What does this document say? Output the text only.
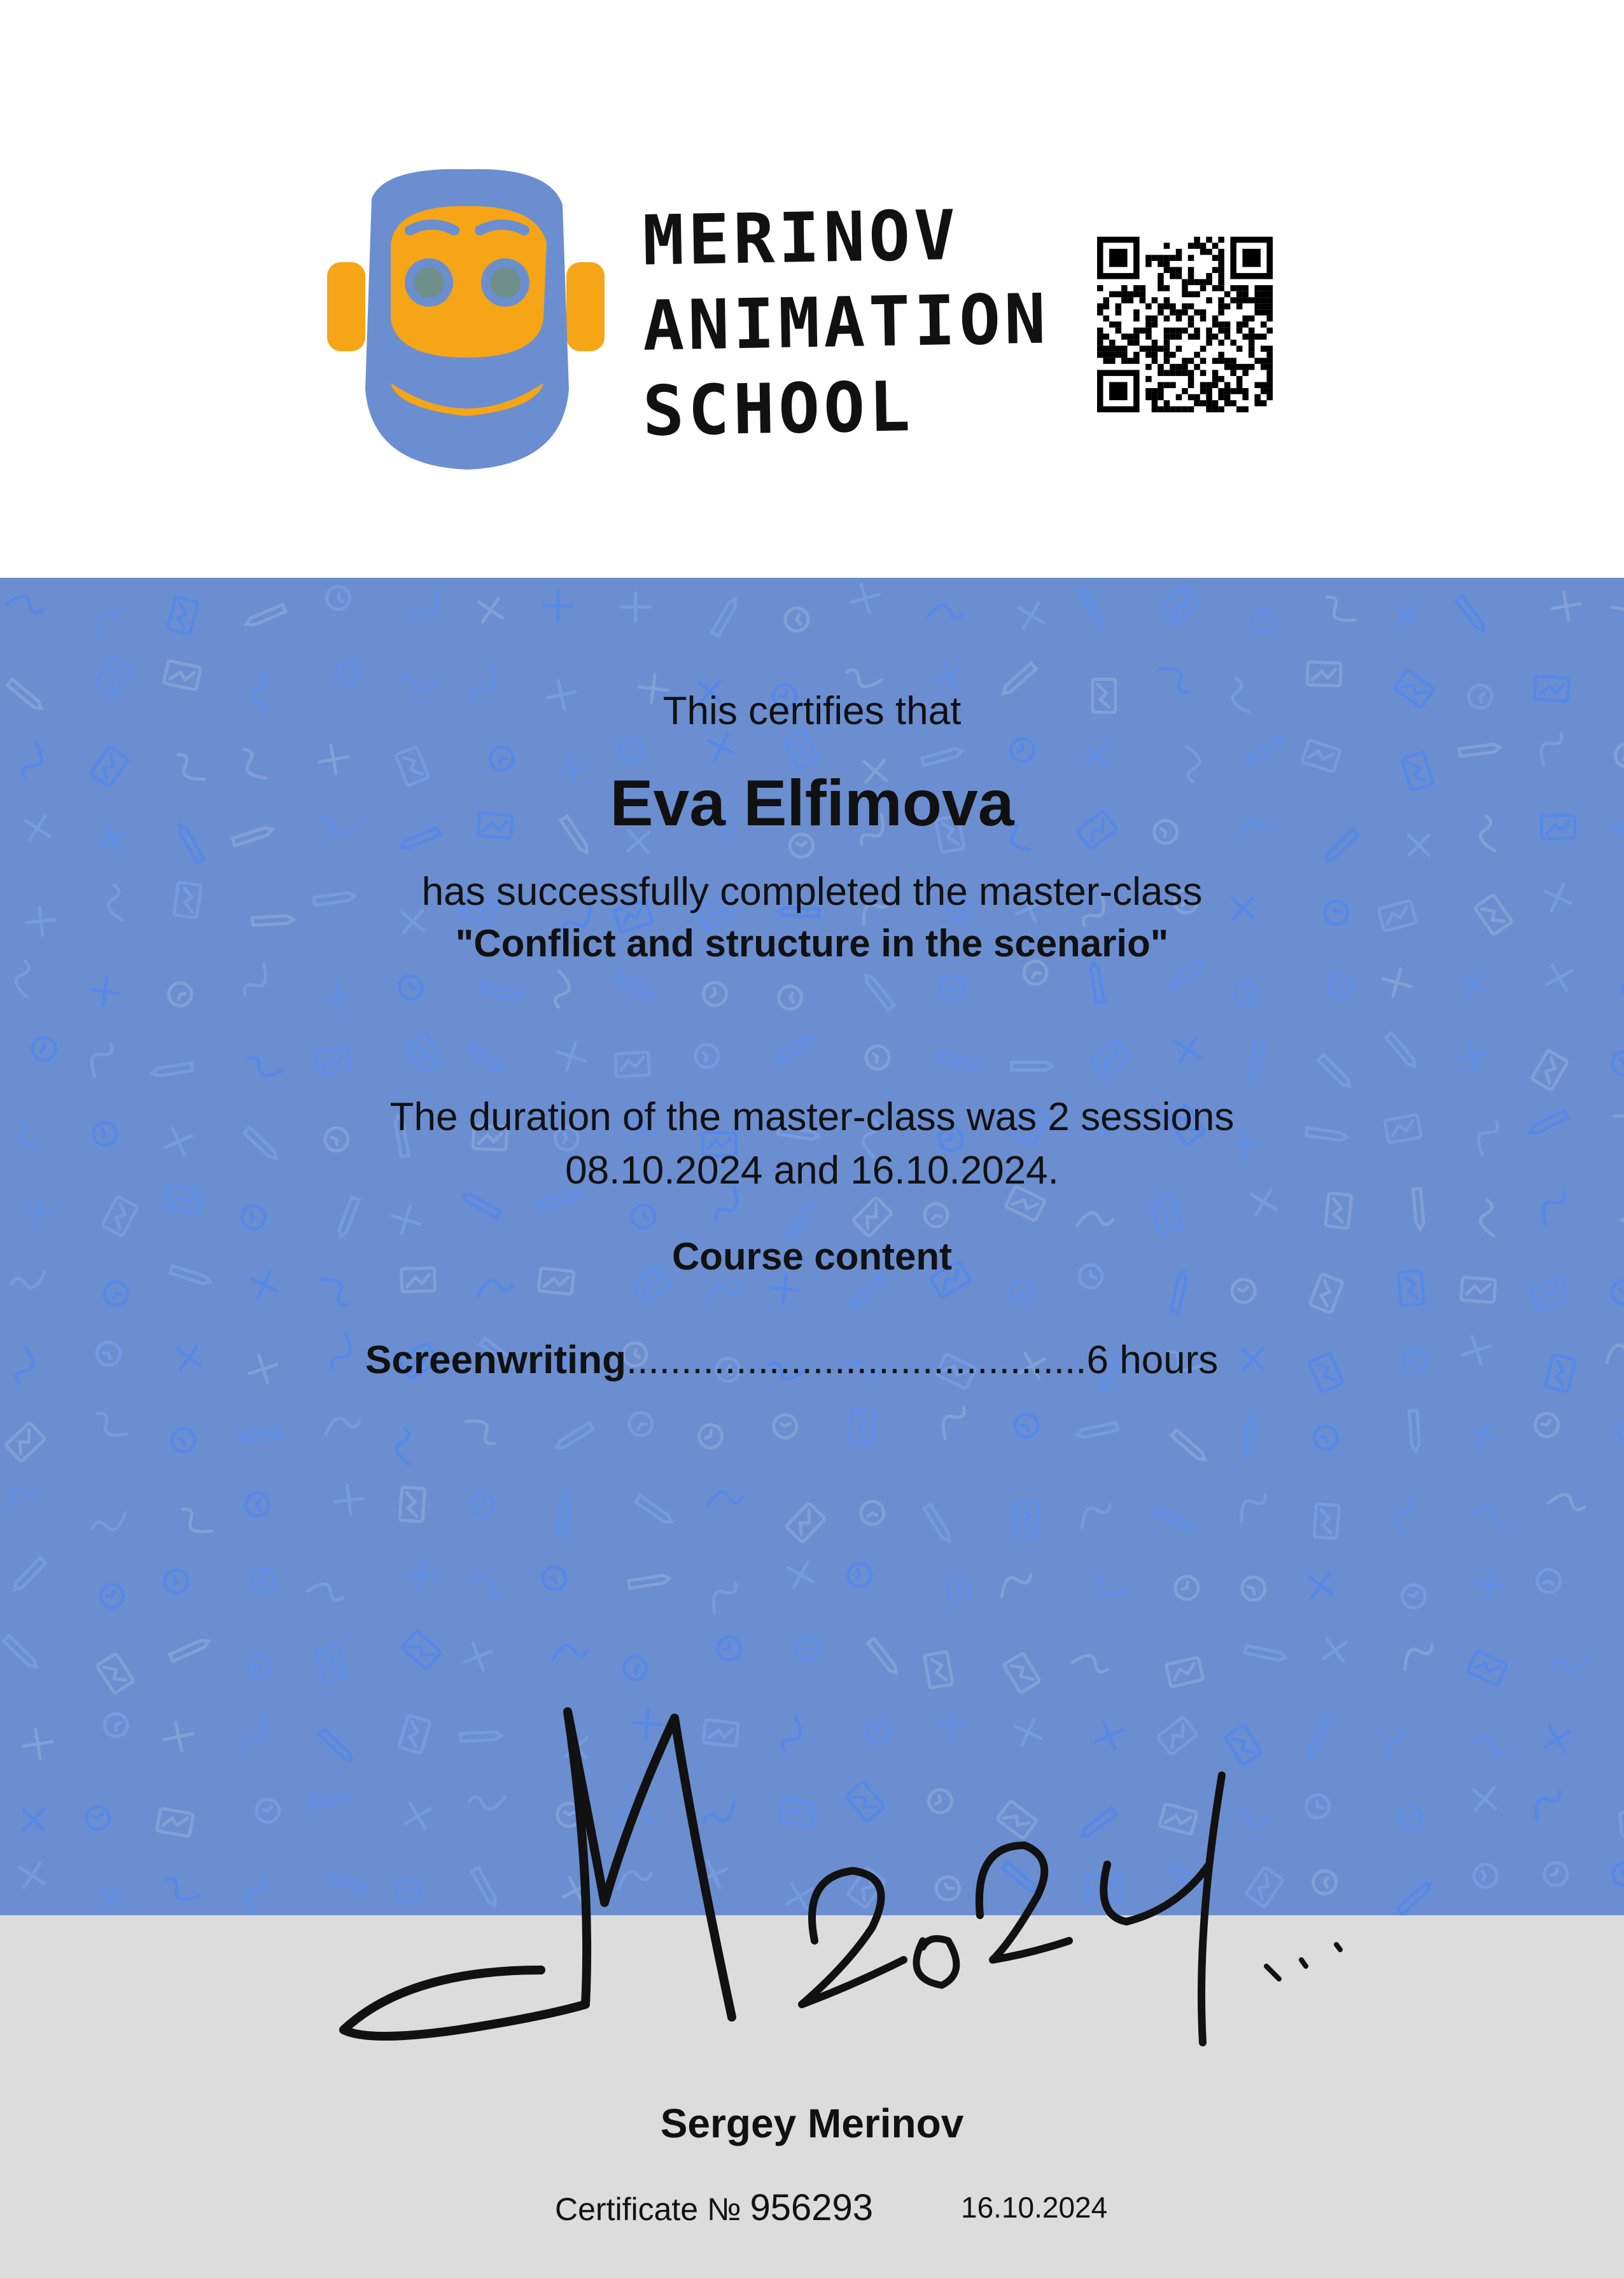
MERINOV
ANIMATION
SCHOOL
This certifies that
Eva Elfimova
has successfully completed the master-class
"Conflict and structure in the scenario"
The duration of the master-class was 2 sessions
08.10.2024 and 16.10.2024.
Course content
Screenwriting..........................................6 hours
Sergey Merinov
Certificate № 956293	16.10.2024
